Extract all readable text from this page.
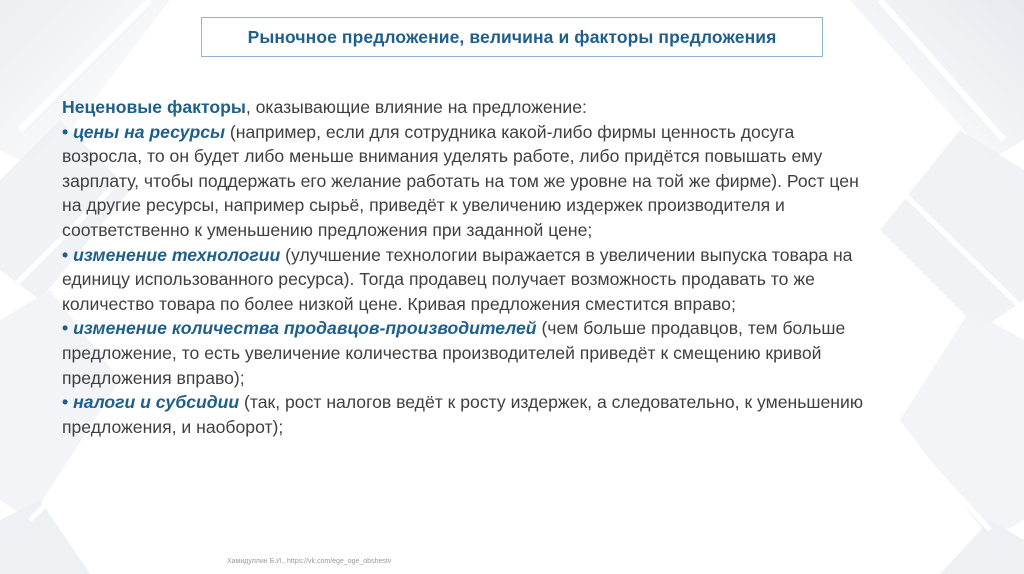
Рыночное предложение, величина и факторы предложения

Неценовые факторы, оказывающие влияние на предложение:

• цены на ресурсы (например, если для сотрудника какой-либо фирмы ценность досуга

возросла, то он будет либо меньше внимания уделять работе, либо придётся повышать ему

зарплату, чтобы поддержать его желание работать на том же уровне на той же фирме). Рост цен

на другие ресурсы, например сырьё, приведёт к увеличению издержек производителя и

соответственно к уменьшению предложения при заданной цене;

• изменение технологии (улучшение технологии выражается в увеличении выпуска товара на

единицу использованного ресурса). Тогда продавец получает возможность продавать то же

количество товара по более низкой цене. Кривая предложения сместится вправо;

• изменение количества продавцов-производителей (чем больше продавцов, тем больше

предложение, то есть увеличение количества производителей приведёт к смещению кривой

предложения вправо);

• налоги и субсидии (так, рост налогов ведёт к росту издержек, а следовательно, к уменьшению

предложения, и наоборот);

Хамидуллин Б.И., https://vk.com/ege_oge_obshestv
